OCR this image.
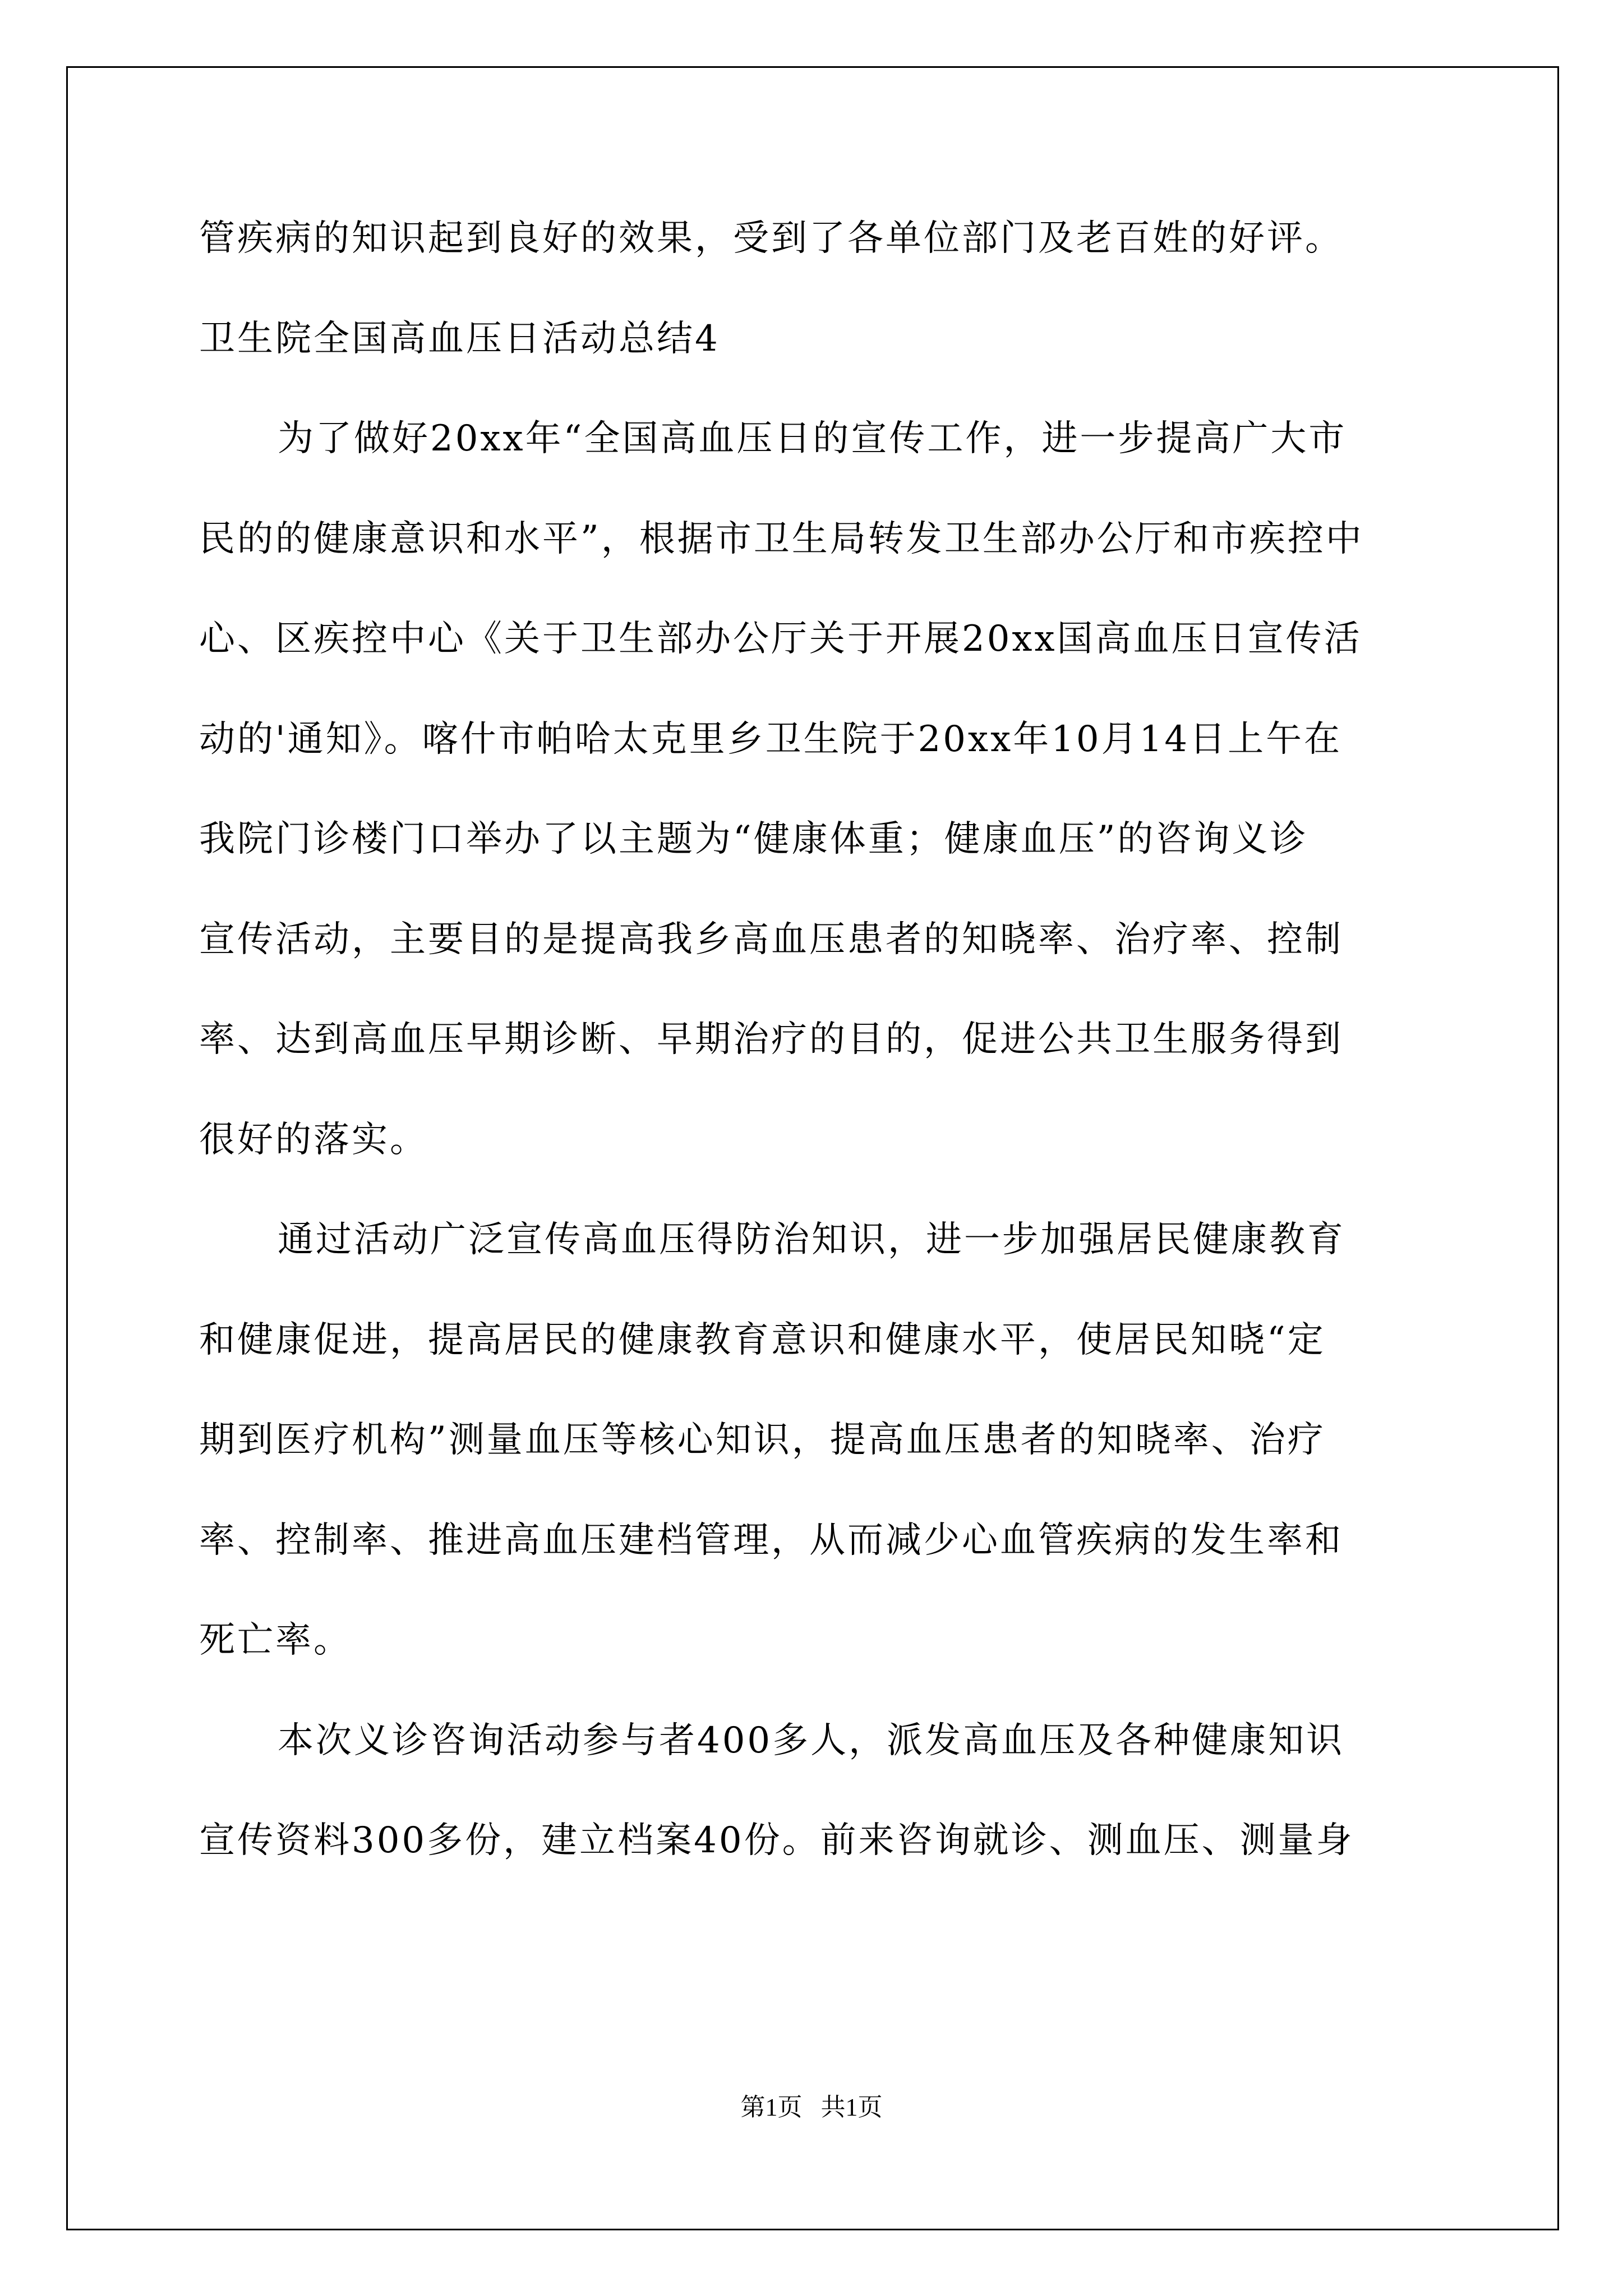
管疾病的知识起到良好的效果，受到了各单位部门及老百姓的好评。
卫生院全国高血压日活动总结4
为了做好20xx年“全国高血压日的宣传工作，进一步提高广大市
民的的健康意识和水平”，根据市卫生局转发卫生部办公厅和市疾控中
心、区疾控中心《关于卫生部办公厅关于开展20xx国高血压日宣传活
动的'通知》。喀什市帕哈太克里乡卫生院于20xx年10月14日上午在
我院门诊楼门口举办了以主题为“健康体重；健康血压”的咨询义诊
宣传活动，主要目的是提高我乡高血压患者的知晓率、治疗率、控制
率、达到高血压早期诊断、早期治疗的目的，促进公共卫生服务得到
很好的落实。
通过活动广泛宣传高血压得防治知识，进一步加强居民健康教育
和健康促进，提高居民的健康教育意识和健康水平，使居民知晓“定
期到医疗机构”测量血压等核心知识，提高血压患者的知晓率、治疗
率、控制率、推进高血压建档管理，从而减少心血管疾病的发生率和
死亡率。
本次义诊咨询活动参与者400多人，派发高血压及各种健康知识
宣传资料300多份，建立档案40份。前来咨询就诊、测血压、测量身
第1页   共1页
